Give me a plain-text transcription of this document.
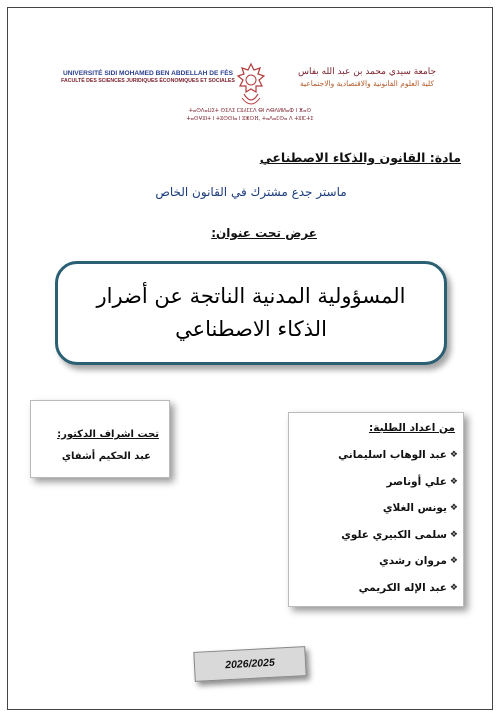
UNIVERSITÉ SIDI MOHAMED BEN ABDELLAH DE FÈS
FACULTÉ DES SCIENCES JURIDIQUES ÉCONOMIQUES ET SOCIALES
جامعة سيدي محمد بن عبد الله بفاس
كلية العلوم القانونية والاقتصادية والاجتماعية
ⵜⴰⵙⴷⴰⵡⵉⵜ ⵙⵉⴷⵉ ⵎⵓⵃⵎⵎⴷ ⴱⵏ ⵄⴱⴷⵍⵍⴰⵀ ⵏ ⴼⴰⵙ
ⵜⴰⵙⵖⵓⵏⵜ ⵏ ⵜⵓⵙⵙⵏⴰ ⵏ ⵓⵣⵔⴼ, ⵜⴰⴷⴰⵎⵙⴰ ⴷ ⵜⵓⵏⵎⵜⵉ
مادة: القانون والذكاء الاصطناعي
ماستر جدع مشترك في القانون الخاص
عرض تحت عنوان:
المسؤولية المدنية الناتجة عن أضرار
الذكاء الاصطناعي
تحت اشراف الدكتور:
عبد الحكيم أشفاي
من اعداد الطلبة:
❖
عبد الوهاب اسليماني
❖
علي أوناصر
❖
يونس الغلاي
❖
سلمى الكبيري علوي
❖
مروان رشدي
❖
عبد الإله الكريمي
2026/2025
